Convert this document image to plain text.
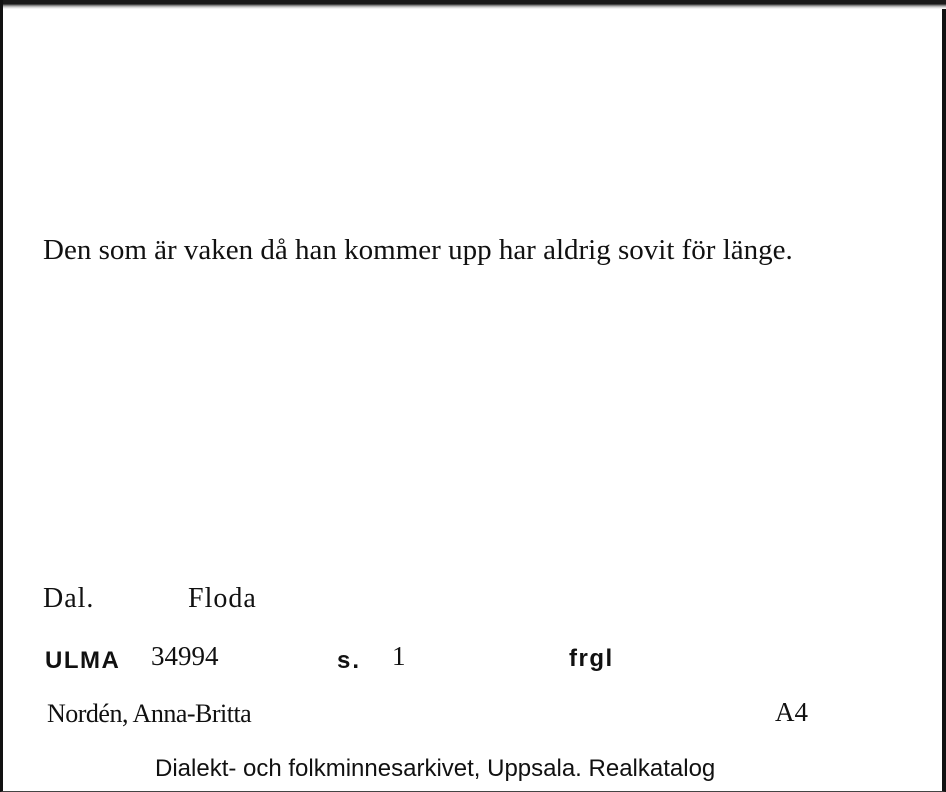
Den som är vaken då han kommer upp har aldrig sovit för länge.
Dal.	Floda
ULMA 34994	s. 1	frgl
Nordén, Anna-Britta	A4
Dialekt- och folkminnesarkivet, Uppsala. Realkatalog
